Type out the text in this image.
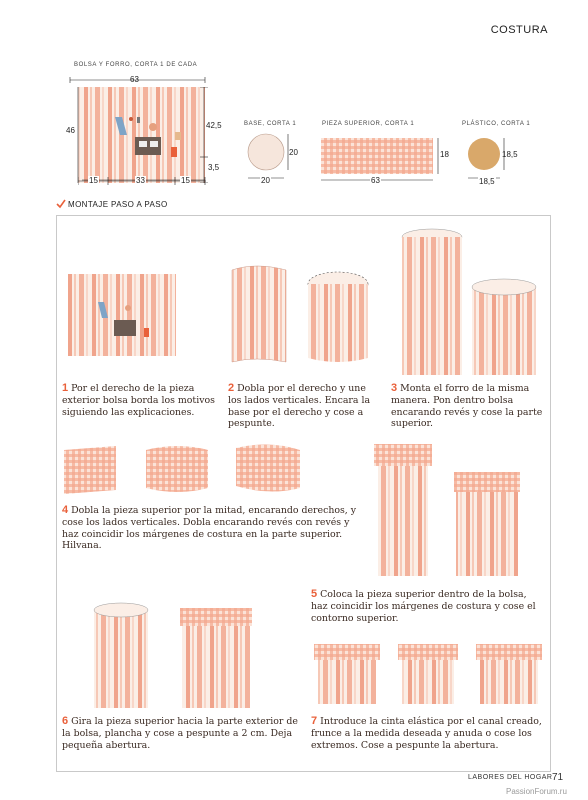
COSTURA
BOLSA Y FORRO, CORTA 1 DE CADA
63
46
42,5
3,5
15	33	15
BASE, CORTA 1
20
20
PIEZA SUPERIOR, CORTA 1
18
63
PLÁSTICO, CORTA 1
18,5
18,5
MONTAJE PASO A PASO
1 Por el derecho de la pieza exterior bolsa borda los motivos siguiendo las explicaciones.
2 Dobla por el derecho y une los lados verticales. Encara la base por el derecho y cose a pespunte.
3 Monta el forro de la misma manera. Pon dentro bolsa encarando revés y cose la parte superior.
4 Dobla la pieza superior por la mitad, encarando derechos, y cose los lados verticales. Dobla encarando revés con revés y haz coincidir los márgenes de costura en la parte superior. Hilvana.
5 Coloca la pieza superior dentro de la bolsa, haz coincidir los márgenes de costura y cose el contorno superior.
6 Gira la pieza superior hacia la parte exterior de la bolsa, plancha y cose a pespunte a 2 cm. Deja pequeña abertura.
7 Introduce la cinta elástica por el canal creado, frunce a la medida deseada y anuda o cose los extremos. Cose a pespunte la abertura.
LABORES DEL HOGAR 71
PassionForum.ru
